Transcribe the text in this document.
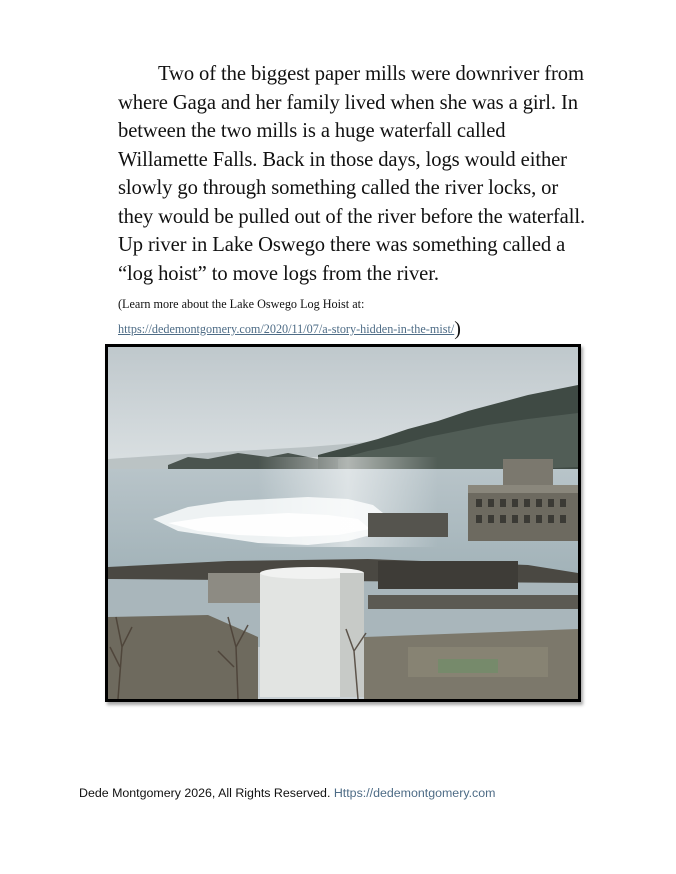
Two of the biggest paper mills were downriver from
where Gaga and her family lived when she was a girl. In
between the two mills is a huge waterfall called
Willamette Falls. Back in those days, logs would either
slowly go through something called the river locks, or
they would be pulled out of the river before the waterfall.
Up river in Lake Oswego there was something called a
“log hoist” to move logs from the river.
(Learn more about the Lake Oswego Log Hoist at:
https://dedemontgomery.com/2020/11/07/a-story-hidden-in-the-mist/)
Dede Montgomery 2026, All Rights Reserved. Https://dedemontgomery.com
